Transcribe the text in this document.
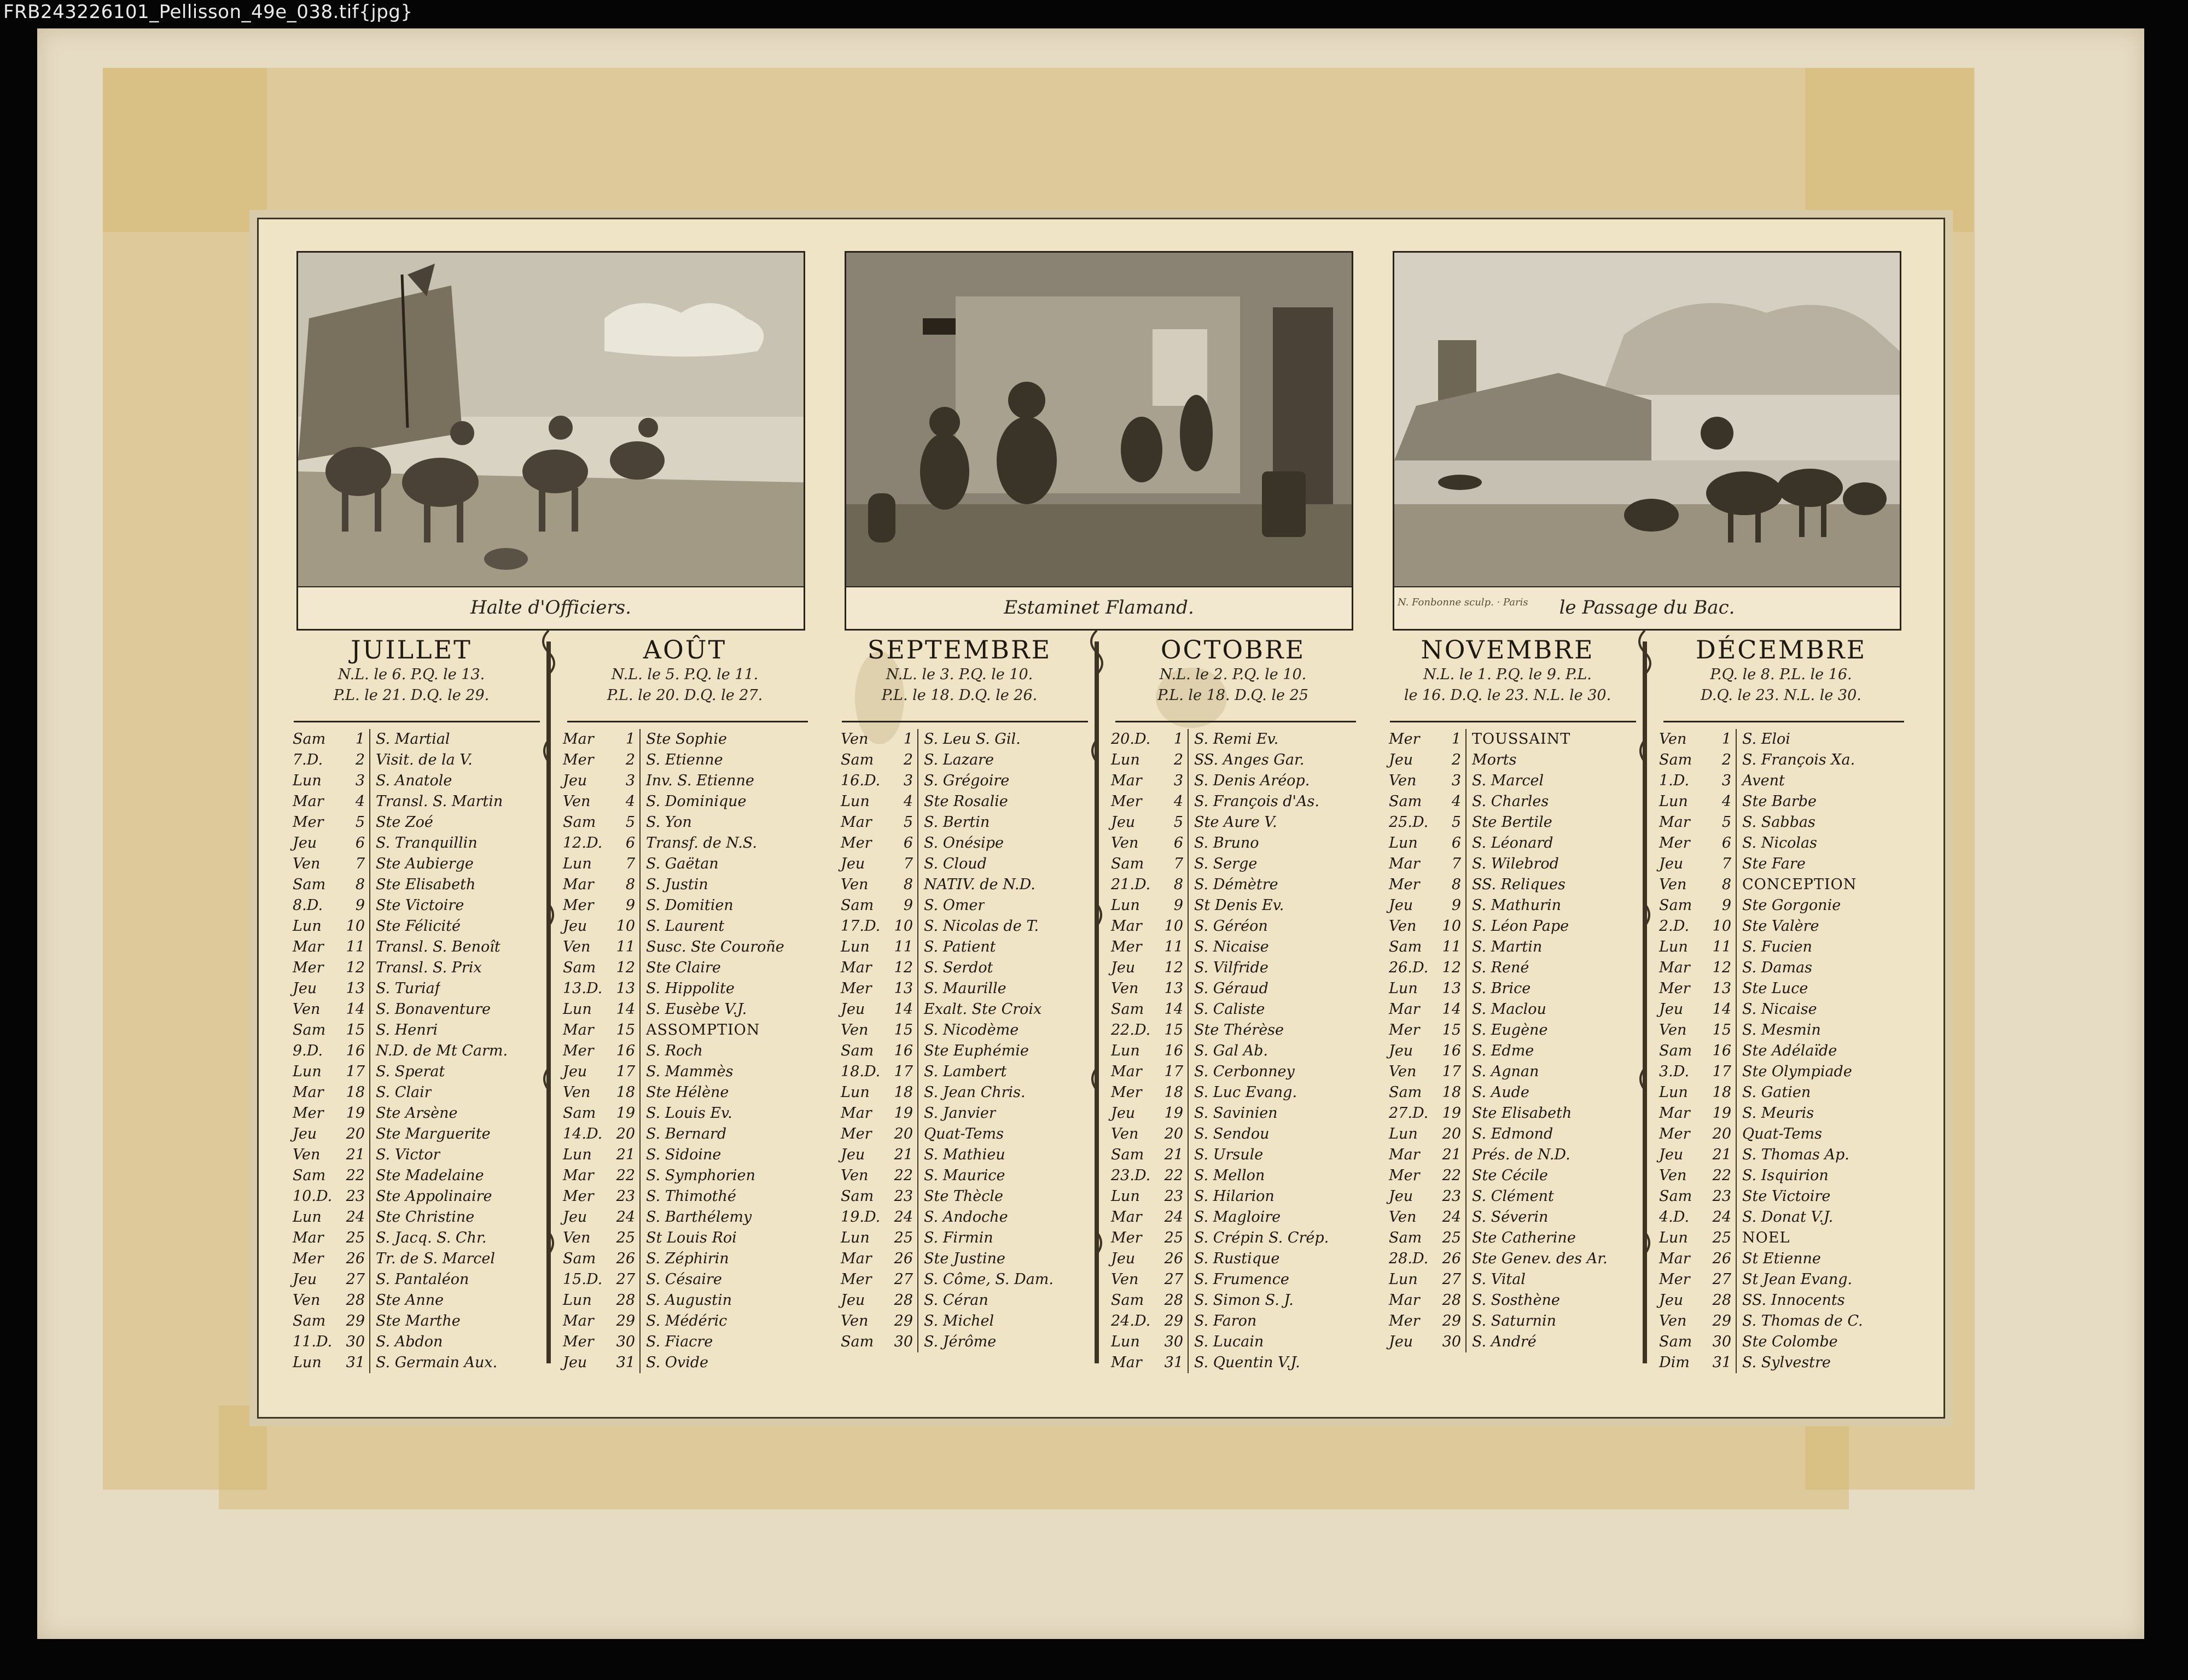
FRB243226101_Pellisson_49e_038.tif{jpg}
Halte d'Officiers.
JUILLET
N.L. le 6. P.Q. le 13.
P.L. le 21. D.Q. le 29.
AOÛT
N.L. le 5. P.Q. le 11.
P.L. le 20. D.Q. le 27.
Sam	1 S. Martial
7.D.	2 Visit. de la V.
Lun	3 S. Anatole
Mar	4 Transl. S. Martin
Mer	5 Ste Zoé
Jeu	6 S. Tranquillin
Ven	7 Ste Aubierge
Sam	8 Ste Elisabeth
8.D.	9 Ste Victoire
Lun	10 Ste Félicité
Mar	11 Transl. S. Benoît
Mer	12 Transl. S. Prix
Jeu	13 S. Turiaf
Ven	14 S. Bonaventure
Sam	15 S. Henri
9.D.	16 N.D. de Mt Carm.
Lun	17 S. Sperat
Mar	18 S. Clair
Mer	19 Ste Arsène
Jeu	20 Ste Marguerite
Ven	21 S. Victor
Sam	22 Ste Madelaine
10.D. 23 Ste Appolinaire
Lun	24 Ste Christine
Mar	25 S. Jacq. S. Chr.
Mer	26 Tr. de S. Marcel
Jeu	27 S. Pantaléon
Ven	28 Ste Anne
Sam	29 Ste Marthe
11.D. 30 S. Abdon
Lun	31 S. Germain Aux.
Mar	1 Ste Sophie
Mer	2 S. Etienne
Jeu	3 Inv. S. Etienne
Ven	4 S. Dominique
Sam	5 S. Yon
12.D.	6 Transf. de N.S.
Lun	7 S. Gaëtan
Mar	8 S. Justin
Mer	9 S. Domitien
Jeu	10 S. Laurent
Ven	11 Susc. Ste Couroñe
Sam	12 Ste Claire
13.D. 13 S. Hippolite
Lun	14 S. Eusèbe V.J.
Mar	15 ASSOMPTION
Mer	16 S. Roch
Jeu	17 S. Mammès
Ven	18 Ste Hélène
Sam	19 S. Louis Ev.
14.D. 20 S. Bernard
Lun	21 S. Sidoine
Mar	22 S. Symphorien
Mer	23 S. Thimothé
Jeu	24 S. Barthélemy
Ven	25 St Louis Roi
Sam	26 S. Zéphirin
15.D. 27 S. Césaire
Lun	28 S. Augustin
Mar	29 S. Médéric
Mer	30 S. Fiacre
Jeu	31 S. Ovide
Estaminet Flamand.
SEPTEMBRE
N.L. le 3. P.Q. le 10.
P.L. le 18. D.Q. le 26.
OCTOBRE
N.L. le 2. P.Q. le 10.
P.L. le 18. D.Q. le 25
Ven	1 S. Leu S. Gil.
Sam	2 S. Lazare
16.D.	3 S. Grégoire
Lun	4 Ste Rosalie
Mar	5 S. Bertin
Mer	6 S. Onésipe
Jeu	7 S. Cloud
Ven	8 NATIV. de N.D.
Sam	9 S. Omer
17.D. 10 S. Nicolas de T.
Lun	11 S. Patient
Mar	12 S. Serdot
Mer	13 S. Maurille
Jeu	14 Exalt. Ste Croix
Ven	15 S. Nicodème
Sam	16 Ste Euphémie
18.D. 17 S. Lambert
Lun	18 S. Jean Chris.
Mar	19 S. Janvier
Mer	20 Quat-Tems
Jeu	21 S. Mathieu
Ven	22 S. Maurice
Sam	23 Ste Thècle
19.D. 24 S. Andoche
Lun	25 S. Firmin
Mar	26 Ste Justine
Mer	27 S. Côme, S. Dam.
Jeu	28 S. Céran
Ven	29 S. Michel
Sam	30 S. Jérôme
20.D.	1 S. Remi Ev.
Lun	2 SS. Anges Gar.
Mar	3 S. Denis Aréop.
Mer	4 S. François d'As.
Jeu	5 Ste Aure V.
Ven	6 S. Bruno
Sam	7 S. Serge
21.D.	8 S. Démètre
Lun	9 St Denis Ev.
Mar	10 S. Géréon
Mer	11 S. Nicaise
Jeu	12 S. Vilfride
Ven	13 S. Géraud
Sam	14 S. Caliste
22.D. 15 Ste Thérèse
Lun	16 S. Gal Ab.
Mar	17 S. Cerbonney
Mer	18 S. Luc Evang.
Jeu	19 S. Savinien
Ven	20 S. Sendou
Sam	21 S. Ursule
23.D. 22 S. Mellon
Lun	23 S. Hilarion
Mar	24 S. Magloire
Mer	25 S. Crépin S. Crép.
Jeu	26 S. Rustique
Ven	27 S. Frumence
Sam	28 S. Simon S. J.
24.D. 29 S. Faron
Lun	30 S. Lucain
Mar	31 S. Quentin V.J.
N. Fonbonne sculp. · Paris	le Passage du Bac.
NOVEMBRE
N.L. le 1. P.Q. le 9. P.L.
le 16. D.Q. le 23. N.L. le 30.
DÉCEMBRE
P.Q. le 8. P.L. le 16.
D.Q. le 23. N.L. le 30.
Mer	1 TOUSSAINT
Jeu	2 Morts
Ven	3 S. Marcel
Sam	4 S. Charles
25.D.	5 Ste Bertile
Lun	6 S. Léonard
Mar	7 S. Wilebrod
Mer	8 SS. Reliques
Jeu	9 S. Mathurin
Ven	10 S. Léon Pape
Sam	11 S. Martin
26.D. 12 S. René
Lun	13 S. Brice
Mar	14 S. Maclou
Mer	15 S. Eugène
Jeu	16 S. Edme
Ven	17 S. Agnan
Sam	18 S. Aude
27.D. 19 Ste Elisabeth
Lun	20 S. Edmond
Mar	21 Prés. de N.D.
Mer	22 Ste Cécile
Jeu	23 S. Clément
Ven	24 S. Séverin
Sam	25 Ste Catherine
28.D. 26 Ste Genev. des Ar.
Lun	27 S. Vital
Mar	28 S. Sosthène
Mer	29 S. Saturnin
Jeu	30 S. André
Ven	1 S. Eloi
Sam	2 S. François Xa.
1.D.	3 Avent
Lun	4 Ste Barbe
Mar	5 S. Sabbas
Mer	6 S. Nicolas
Jeu	7 Ste Fare
Ven	8 CONCEPTION
Sam	9 Ste Gorgonie
2.D.	10 Ste Valère
Lun	11 S. Fucien
Mar	12 S. Damas
Mer	13 Ste Luce
Jeu	14 S. Nicaise
Ven	15 S. Mesmin
Sam	16 Ste Adélaïde
3.D.	17 Ste Olympiade
Lun	18 S. Gatien
Mar	19 S. Meuris
Mer	20 Quat-Tems
Jeu	21 S. Thomas Ap.
Ven	22 S. Isquirion
Sam	23 Ste Victoire
4.D.	24 S. Donat V.J.
Lun	25 NOEL
Mar	26 St Etienne
Mer	27 St Jean Evang.
Jeu	28 SS. Innocents
Ven	29 S. Thomas de C.
Sam	30 Ste Colombe
Dim	31 S. Sylvestre
